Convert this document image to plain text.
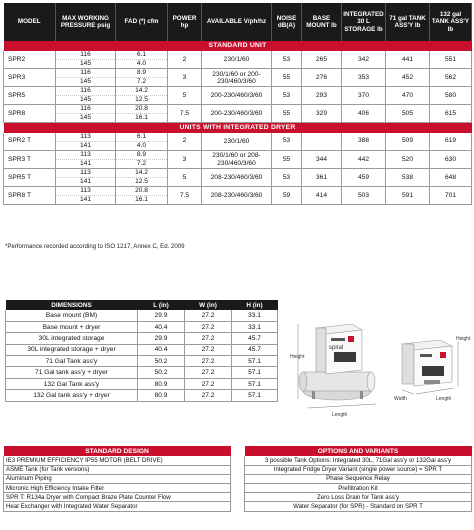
MODEL	MAX WORKING PRESSURE psig	FAD (*) cfm	POWER hp	AVAILABLE V/ph/hz	NOISE dB(A)	BASE MOUNT lb	INTEGRATED 30 L STORAGE lb	71 gal TANK ASS'Y lb	132 gal TANK ASS'Y lb
STANDARD UNIT									
SPR2	116	6.1	2	230/1/60	53	265	342	441	551
	145	4.0							
SPR3	116	8.9	3	230/1/60 or 200-230/460/3/60	55	276	353	452	562
	145	7.2							
SPR5	116	14.2	5	200-230/460/3/60	53	293	370	470	580
	145	12.5							
SPR8	116	20.8	7.5	200-230/460/3/60	55	329	406	505	615
	145	16.1							
UNITS WITH INTEGRATED DRYER									
SPR2 T	113	6.1	2	230/1/60	53		388	509	619
	141	4.0							
SPR3 T	113	8.9	3	230/1/60 or 208-230/460/3/60	55	344	442	520	630
	141	7.2							
SPR5 T	113	14.2	5	208-230/460/3/60	53	361	459	538	648
	141	12.5							
SPR8 T	113	20.8	7.5	208-230/460/3/60	59	414	503	591	701
	141	16.1							
*Performance recorded according to ISO 1217, Annex C, Ed. 2009
DIMENSIONS	L (in)	W (in)	H (in)
Base mount (BM)	29.9	27.2	33.1
Base mount + dryer	40.4	27.2	33.1
30L integrated storage	29.9	27.2	45.7
30L integrated storage + dryer	40.4	27.2	45.7
71 Gal Tank ass'y	50.2	27.2	57.1
71 Gal tank ass'y + dryer	50.2	27.2	57.1
132 Gal Tank ass'y	80.9	27.2	57.1
132 Gal tank ass'y + dryer	80.9	27.2	57.1
spiral
Height
Length
Width	Length
Height
STANDARD DESIGN		OPTIONS AND VARIANTS
IE3 PREMIUM EFFICIENCY IP55 MOTOR (BELT DRIVE)		3 possible Tank Options: Integrated 30L, 71Gal ass'y or 132Gal ass'y
ASME Tank (for Tank versions)		Integrated Fridge Dryer Variant (single power source) = SPR T
Aluminum Piping		Phase Sequence Relay
Micronic High Efficiency Intake Filter		Prefiltration Kit
SPR T: R134a Dryer with Compact Braze Plate Counter Flow		Zero Loss Drain for Tank ass'y
Heat Exchanger with Integrated Water Separator		Water Separator (for SPR) - Standard on SPR T
